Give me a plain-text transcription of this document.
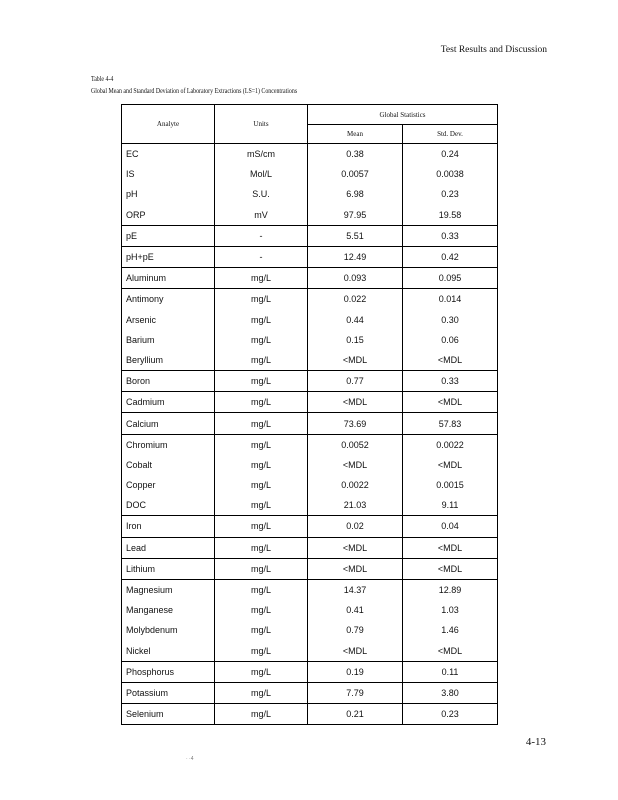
Test Results and Discussion
Table 4-4
Global Mean and Standard Deviation of Laboratory Extractions (LS=1) Concentrations
Analyte	Units	Global Statistics	
		Mean	Std. Dev.
EC	mS/cm	0.38	0.24
IS	Mol/L	0.0057	0.0038
pH	S.U.	6.98	0.23
ORP	mV	97.95	19.58
pE	-	5.51	0.33
pH+pE	-	12.49	0.42
Aluminum	mg/L	0.093	0.095
Antimony	mg/L	0.022	0.014
Arsenic	mg/L	0.44	0.30
Barium	mg/L	0.15	0.06
Beryllium	mg/L	<MDL	<MDL
Boron	mg/L	0.77	0.33
Cadmium	mg/L	<MDL	<MDL
Calcium	mg/L	73.69	57.83
Chromium	mg/L	0.0052	0.0022
Cobalt	mg/L	<MDL	<MDL
Copper	mg/L	0.0022	0.0015
DOC	mg/L	21.03	9.11
Iron	mg/L	0.02	0.04
Lead	mg/L	<MDL	<MDL
Lithium	mg/L	<MDL	<MDL
Magnesium	mg/L	14.37	12.89
Manganese	mg/L	0.41	1.03
Molybdenum	mg/L	0.79	1.46
Nickel	mg/L	<MDL	<MDL
Phosphorus	mg/L	0.19	0.11
Potassium	mg/L	7.79	3.80
Selenium	mg/L	0.21	0.23
4-13
· ·4
